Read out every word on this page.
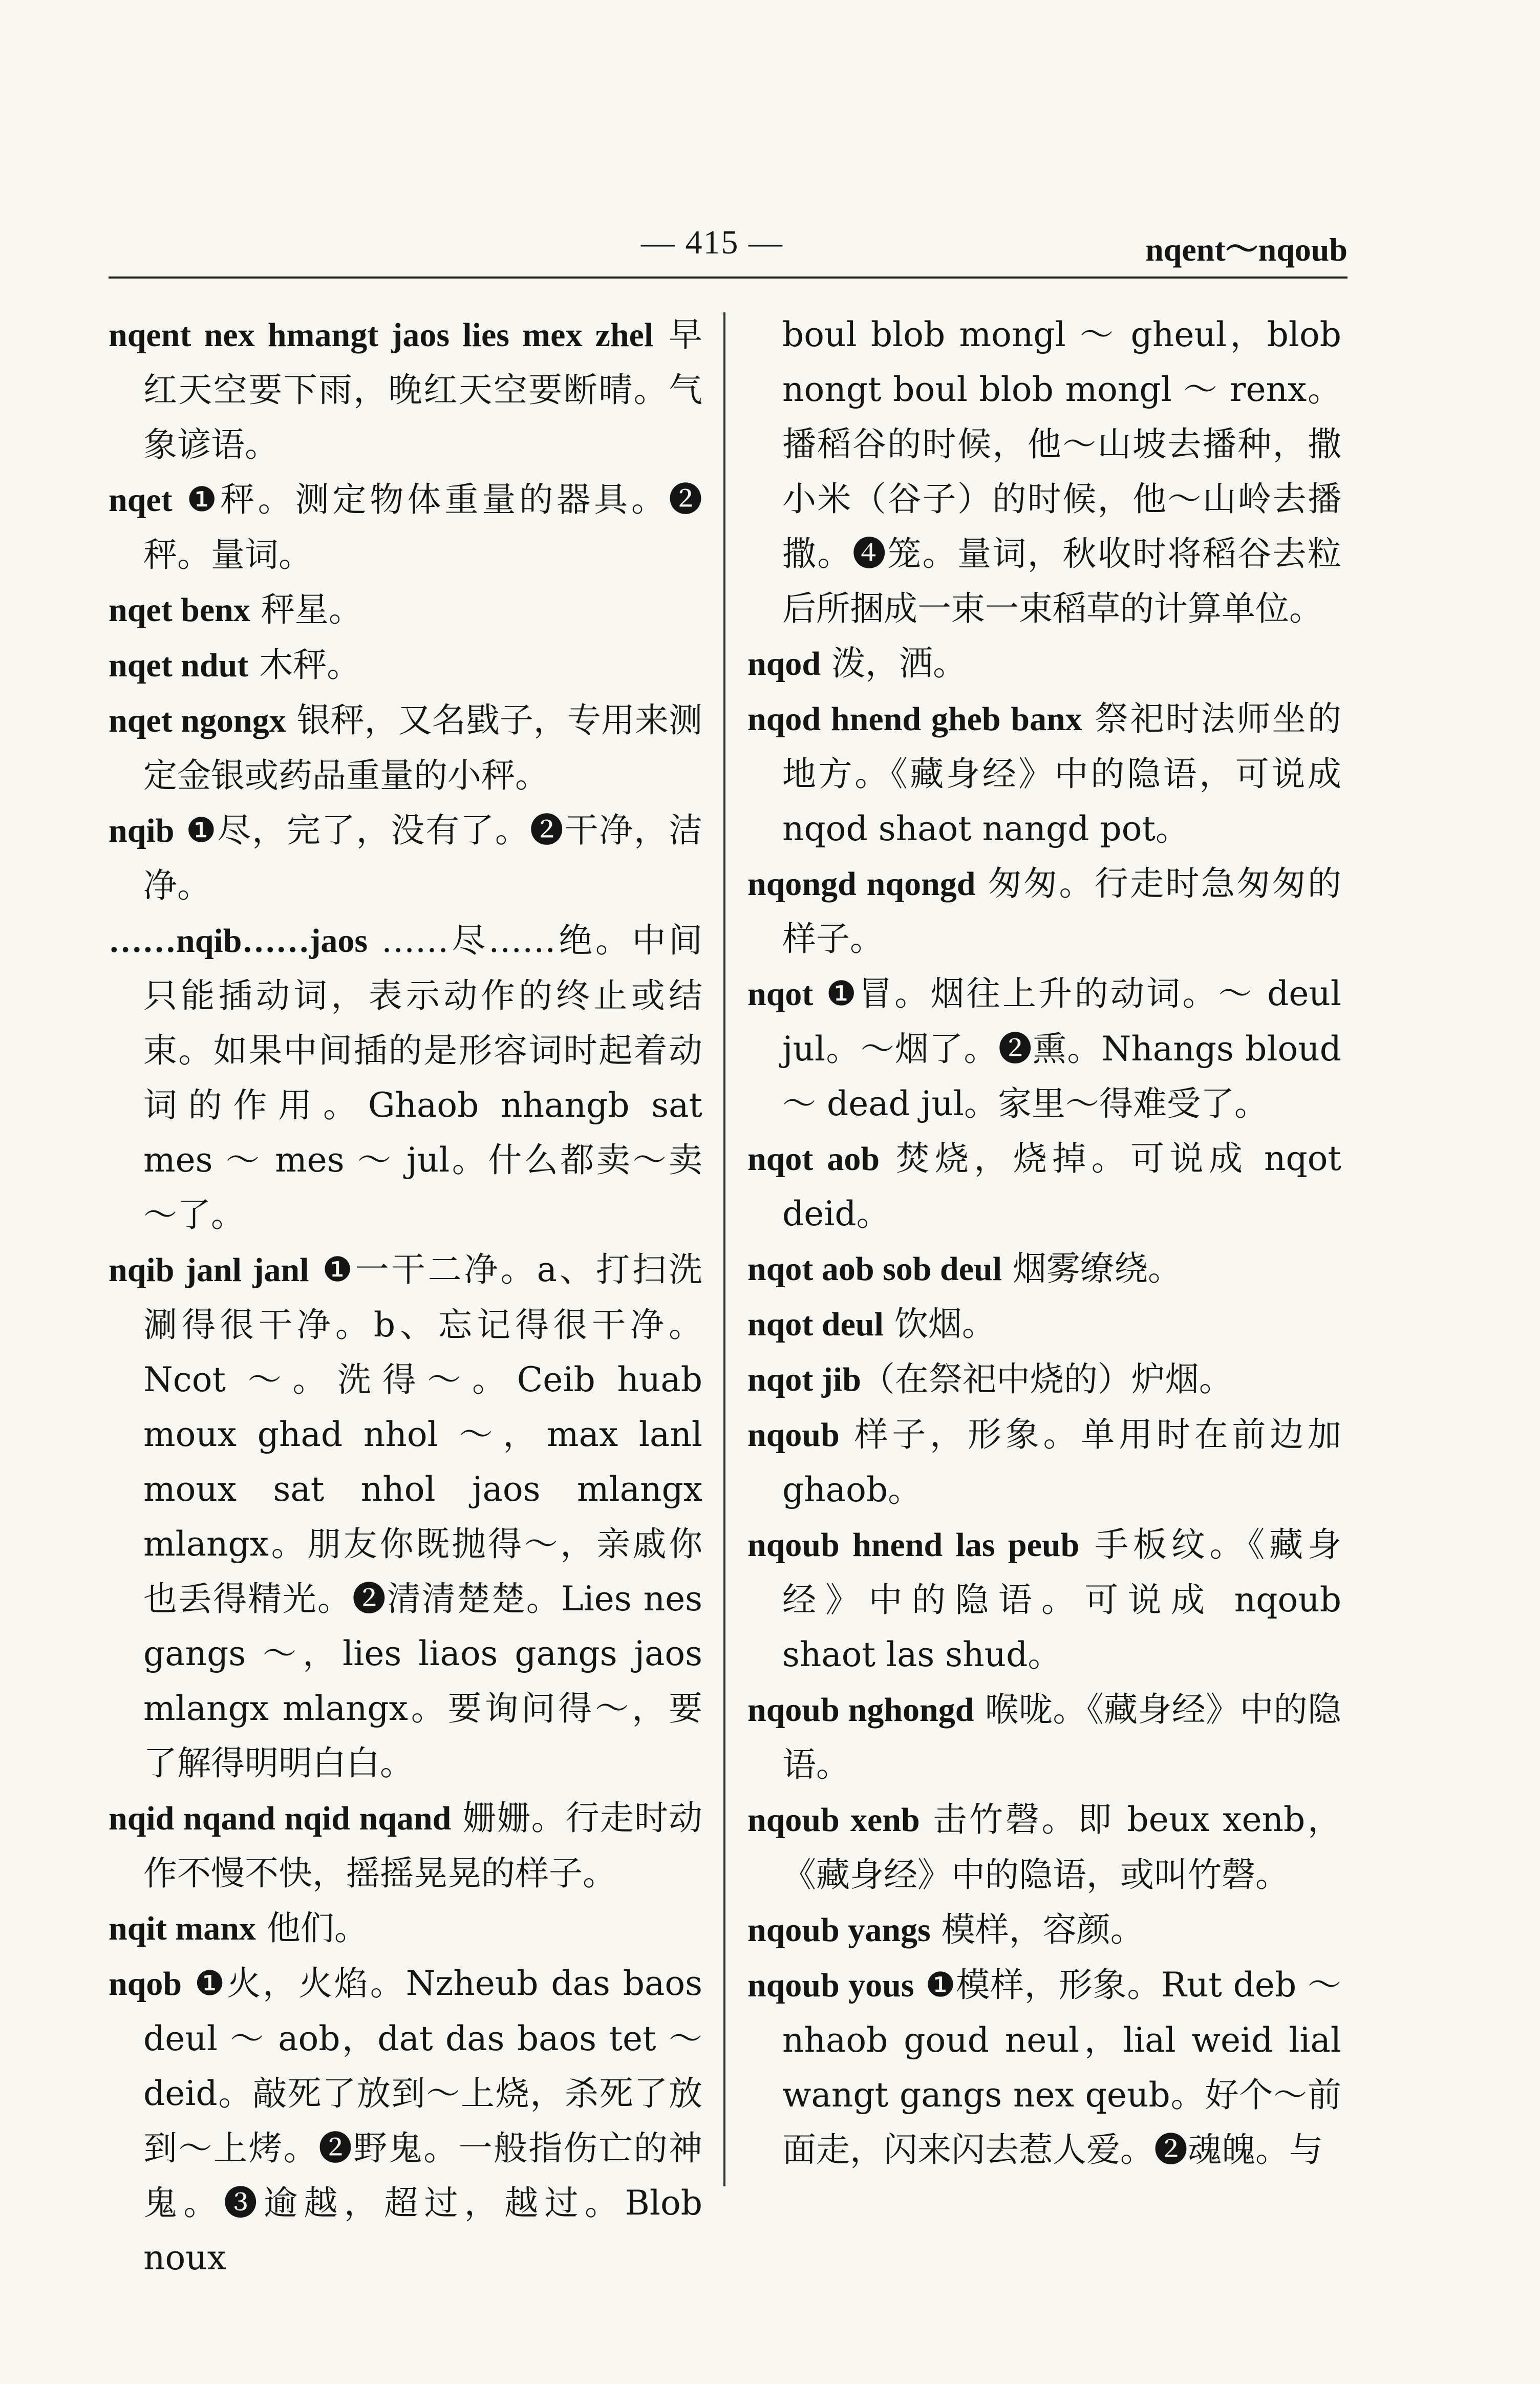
— 415 —	nqent～nqoub

nqent nex hmangt jaos lies mex zhel 早红天空要下雨，晚红天空要断晴。气象谚语。

nqet ❶秤。测定物体重量的器具。❷秤。量词。

nqet benx 秤星。

nqet ndut 木秤。

nqet ngongx 银秤，又名戥子，专用来测定金银或药品重量的小秤。

nqib ❶尽，完了，没有了。❷干净，洁净。

……nqib……jaos ……尽……绝。中间只能插动词，表示动作的终止或结束。如果中间插的是形容词时起着动词的作用。Ghaob nhangb sat mes ～ mes ～ jul。什么都卖～卖～了。

nqib janl janl ❶一干二净。a、打扫洗涮得很干净。b、忘记得很干净。Ncot ～。洗得～。Ceib huab moux ghad nhol ～，max lanl moux sat nhol jaos mlangx mlangx。朋友你既抛得～，亲戚你也丢得精光。❷清清楚楚。Lies nes gangs ～，lies liaos gangs jaos mlangx mlangx。要询问得～，要了解得明明白白。

nqid nqand nqid nqand 姗姗。行走时动作不慢不快，摇摇晃晃的样子。

nqit manx 他们。

nqob ❶火，火焰。Nzheub das baos deul ～ aob，dat das baos tet ～ deid。敲死了放到～上烧，杀死了放到～上烤。❷野鬼。一般指伤亡的神鬼。❸逾越，超过，越过。Blob noux

boul blob mongl ～ gheul，blob nongt boul blob mongl ～ renx。播稻谷的时候，他～山坡去播种，撒小米（谷子）的时候，他～山岭去播撒。❹笼。量词，秋收时将稻谷去粒后所捆成一束一束稻草的计算单位。

nqod 泼，洒。

nqod hnend gheb banx 祭祀时法师坐的地方。《藏身经》中的隐语，可说成 nqod shaot nangd pot。

nqongd nqongd 匆匆。行走时急匆匆的样子。

nqot ❶冒。烟往上升的动词。～ deul jul。～烟了。❷熏。Nhangs bloud ～ dead jul。家里～得难受了。

nqot aob 焚烧，烧掉。可说成 nqot deid。

nqot aob sob deul 烟雾缭绕。

nqot deul 饮烟。

nqot jib（在祭祀中烧的）炉烟。

nqoub 样子，形象。单用时在前边加 ghaob。

nqoub hnend las peub 手板纹。《藏身经》中的隐语。可说成 nqoub shaot las shud。

nqoub nghongd 喉咙。《藏身经》中的隐语。

nqoub xenb 击竹磬。即 beux xenb，《藏身经》中的隐语，或叫竹磬。

nqoub yangs 模样，容颜。

nqoub yous ❶模样，形象。Rut deb ～ nhaob goud neul，lial weid lial wangt gangs nex qeub。好个～前面走，闪来闪去惹人爱。❷魂魄。与
